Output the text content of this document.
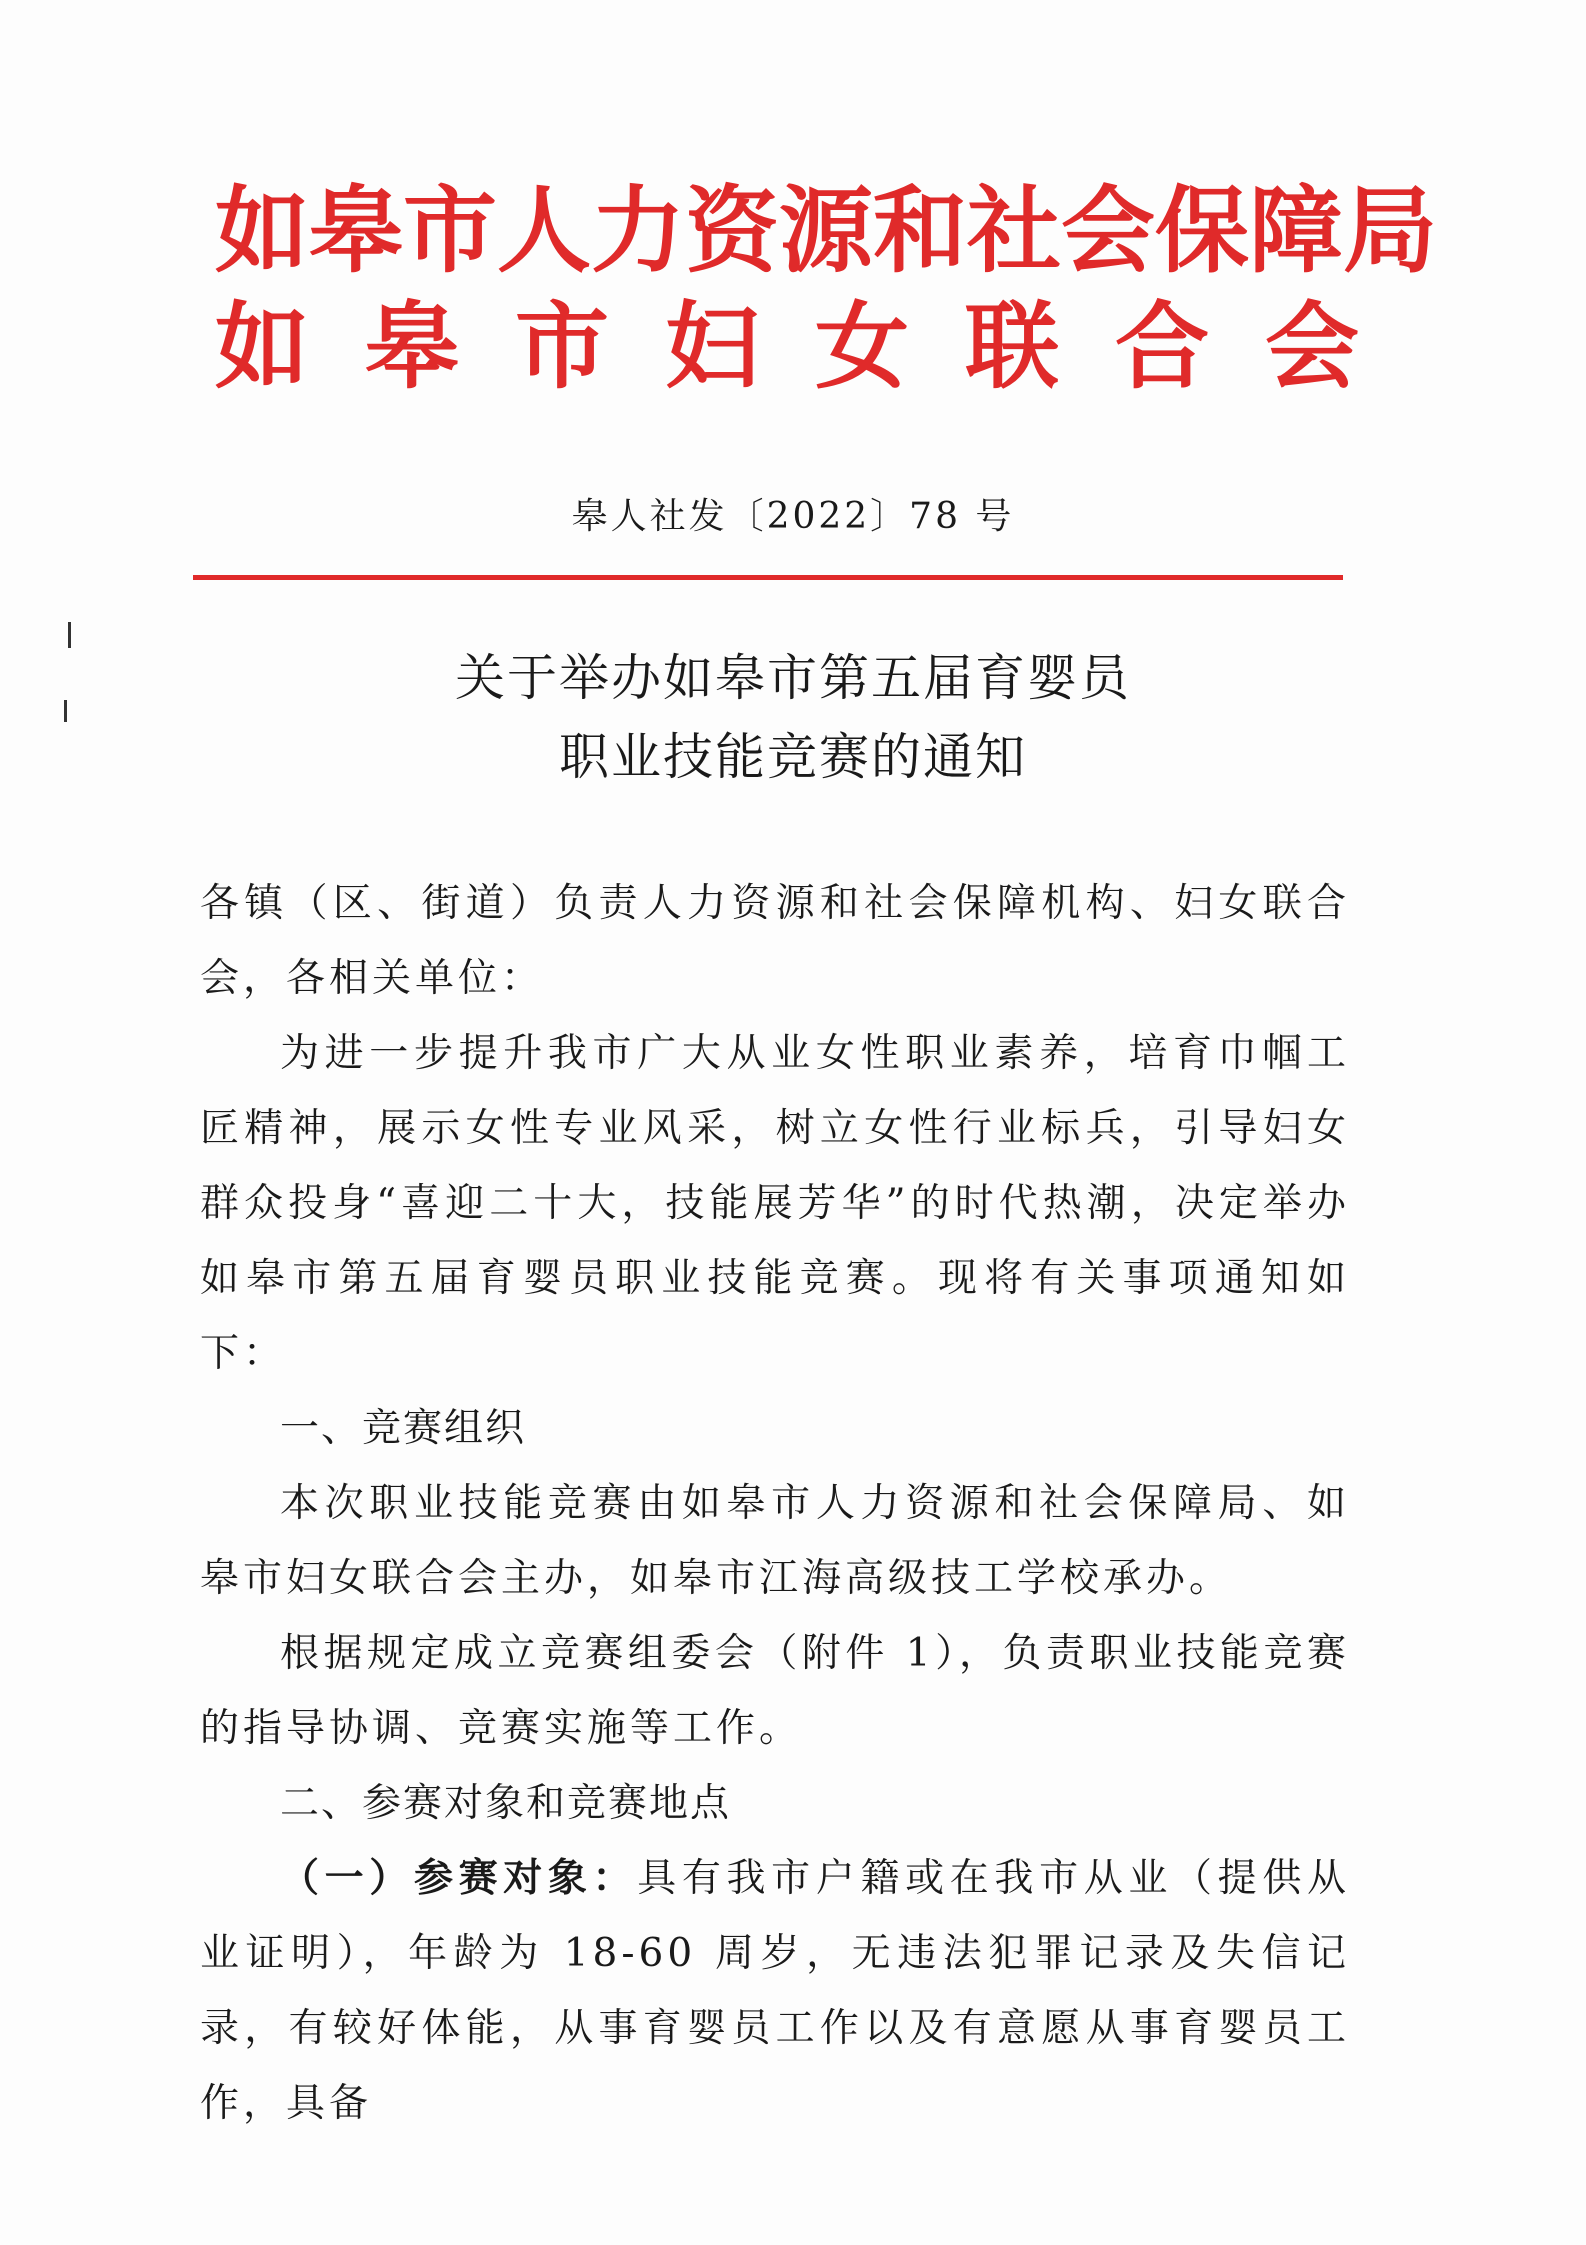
如皋市人力资源和社会保障局
如皋市妇女联合会
皋人社发〔2022〕78 号
关于举办如皋市第五届育婴员
职业技能竞赛的通知

各镇（区、街道）负责人力资源和社会保障机构、妇女联合会，各相关单位：

为进一步提升我市广大从业女性职业素养，培育巾帼工匠精神，展示女性专业风采，树立女性行业标兵，引导妇女群众投身“喜迎二十大，技能展芳华”的时代热潮，决定举办如皋市第五届育婴员职业技能竞赛。现将有关事项通知如下：

一、竞赛组织

本次职业技能竞赛由如皋市人力资源和社会保障局、如皋市妇女联合会主办，如皋市江海高级技工学校承办。

根据规定成立竞赛组委会（附件 1），负责职业技能竞赛的指导协调、竞赛实施等工作。

二、参赛对象和竞赛地点

（一）参赛对象：具有我市户籍或在我市从业（提供从业证明），年龄为 18-60 周岁，无违法犯罪记录及失信记录，有较好体能，从事育婴员工作以及有意愿从事育婴员工作，具备
